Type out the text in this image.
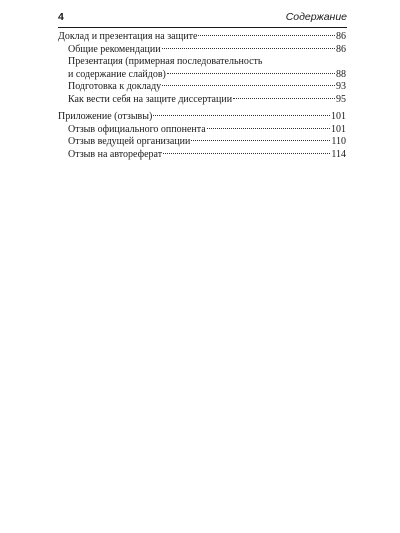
4	Содержание
Доклад и презентация на защите	86
Общие рекомендации	86
Презентация (примерная последовательность
и содержание слайдов)	88
Подготовка к докладу	93
Как вести себя на защите диссертации	95
Приложение (отзывы)	101
Отзыв официального оппонента	101
Отзыв ведущей организации	110
Отзыв на автореферат	114
